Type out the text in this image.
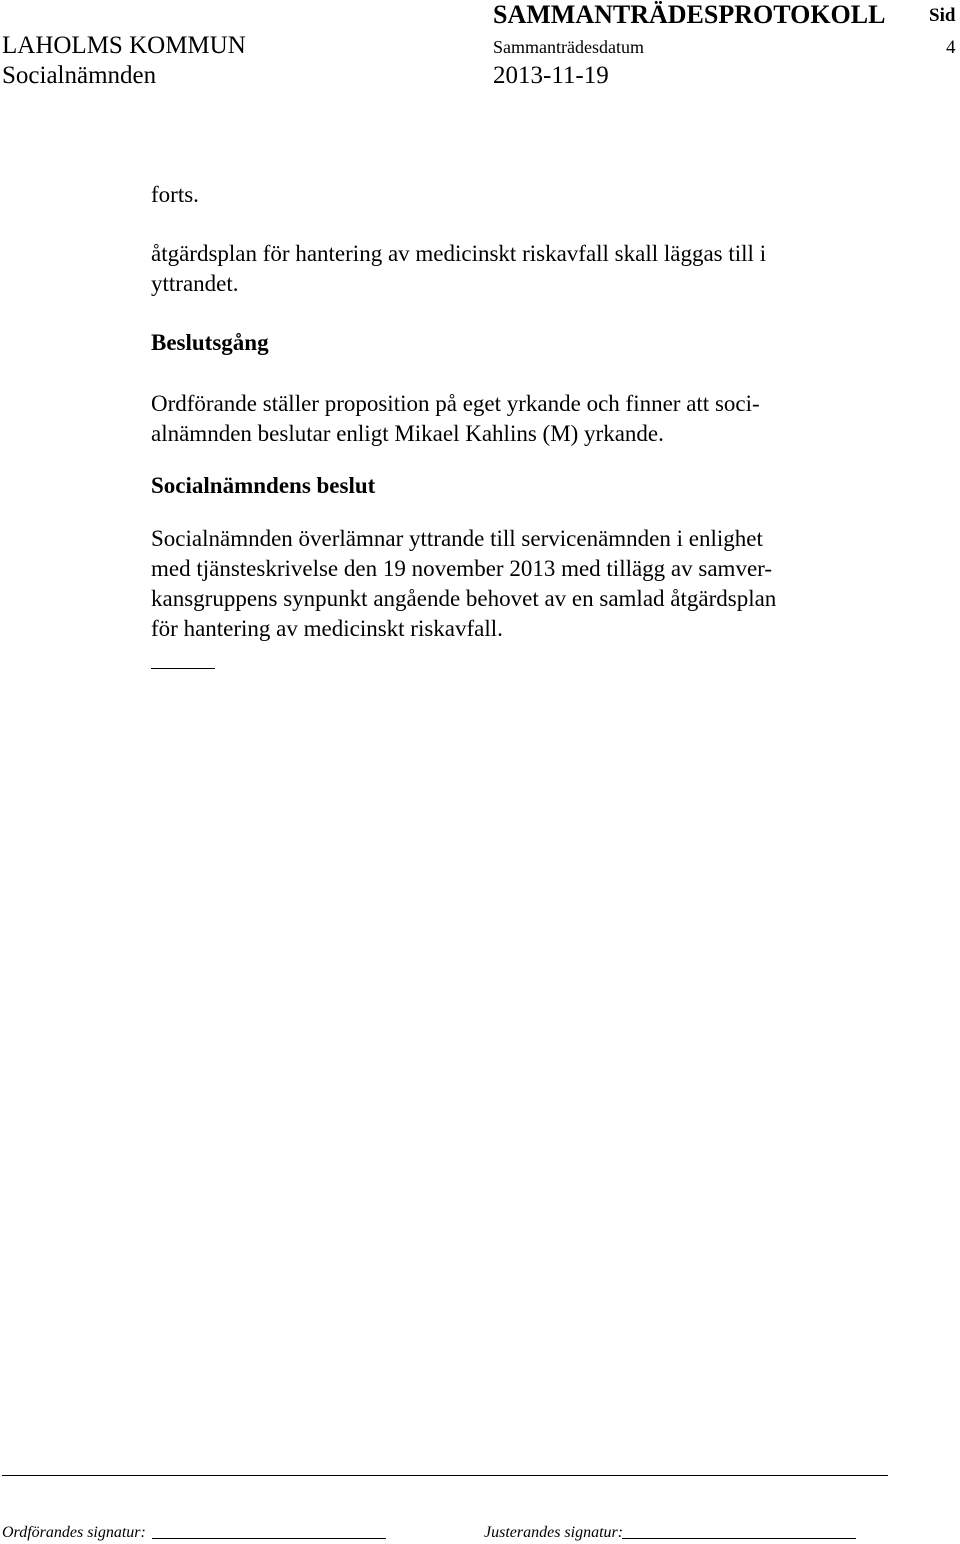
LAHOLMS KOMMUN
Socialnämnden
SAMMANTRÄDESPROTOKOLL
Sammanträdesdatum
2013-11-19
Sid
4
forts.
åtgärdsplan för hantering av medicinskt riskavfall skall läggas till i
yttrandet.
Beslutsgång
Ordförande ställer proposition på eget yrkande och finner att soci-
alnämnden beslutar enligt Mikael Kahlins (M) yrkande.
Socialnämndens beslut
Socialnämnden överlämnar yttrande till servicenämnden i enlighet
med tjänsteskrivelse den 19 november 2013 med tillägg av samver-
kansgruppens synpunkt angående behovet av en samlad åtgärdsplan
för hantering av medicinskt riskavfall.
Ordförandes signatur:	Justerandes signatur:
